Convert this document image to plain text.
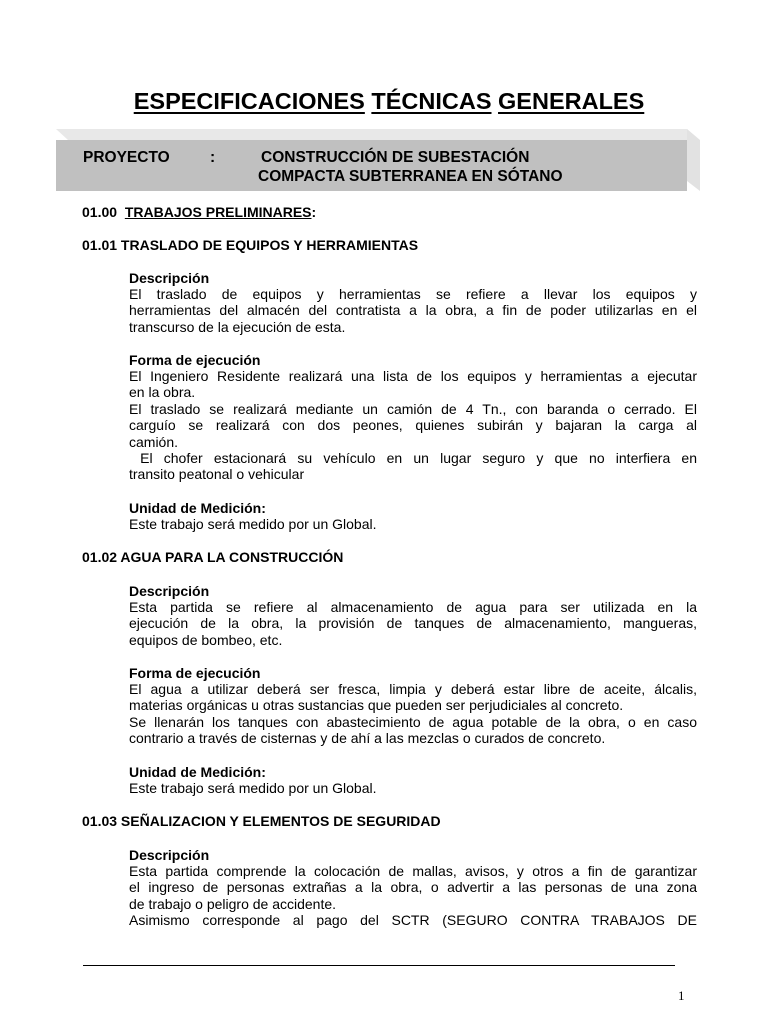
ESPECIFICACIONES TÉCNICAS GENERALES
PROYECTO	:	CONSTRUCCIÓN DE SUBESTACIÓN
COMPACTA SUBTERRANEA EN SÓTANO
01.00 TRABAJOS PRELIMINARES:
01.01 TRASLADO DE EQUIPOS Y HERRAMIENTAS
Descripción
El traslado de equipos y herramientas se refiere a llevar los equipos y
herramientas del almacén del contratista a la obra, a fin de poder utilizarlas en el
transcurso de la ejecución de esta.
Forma de ejecución
El Ingeniero Residente realizará una lista de los equipos y herramientas a ejecutar
en la obra.
El traslado se realizará mediante un camión de 4 Tn., con baranda o cerrado. El
carguío se realizará con dos peones, quienes subirán y bajaran la carga al
camión.
El chofer estacionará su vehículo en un lugar seguro y que no interfiera en
transito peatonal o vehicular
Unidad de Medición:
Este trabajo será medido por un Global.
01.02 AGUA PARA LA CONSTRUCCIÓN
Descripción
Esta partida se refiere al almacenamiento de agua para ser utilizada en la
ejecución de la obra, la provisión de tanques de almacenamiento, mangueras,
equipos de bombeo, etc.
Forma de ejecución
El agua a utilizar deberá ser fresca, limpia y deberá estar libre de aceite, álcalis,
materias orgánicas u otras sustancias que pueden ser perjudiciales al concreto.
Se llenarán los tanques con abastecimiento de agua potable de la obra, o en caso
contrario a través de cisternas y de ahí a las mezclas o curados de concreto.
Unidad de Medición:
Este trabajo será medido por un Global.
01.03 SEÑALIZACION Y ELEMENTOS DE SEGURIDAD
Descripción
Esta partida comprende la colocación de mallas, avisos, y otros a fin de garantizar
el ingreso de personas extrañas a la obra, o advertir a las personas de una zona
de trabajo o peligro de accidente.
Asimismo corresponde al pago del SCTR (SEGURO CONTRA TRABAJOS DE
1
